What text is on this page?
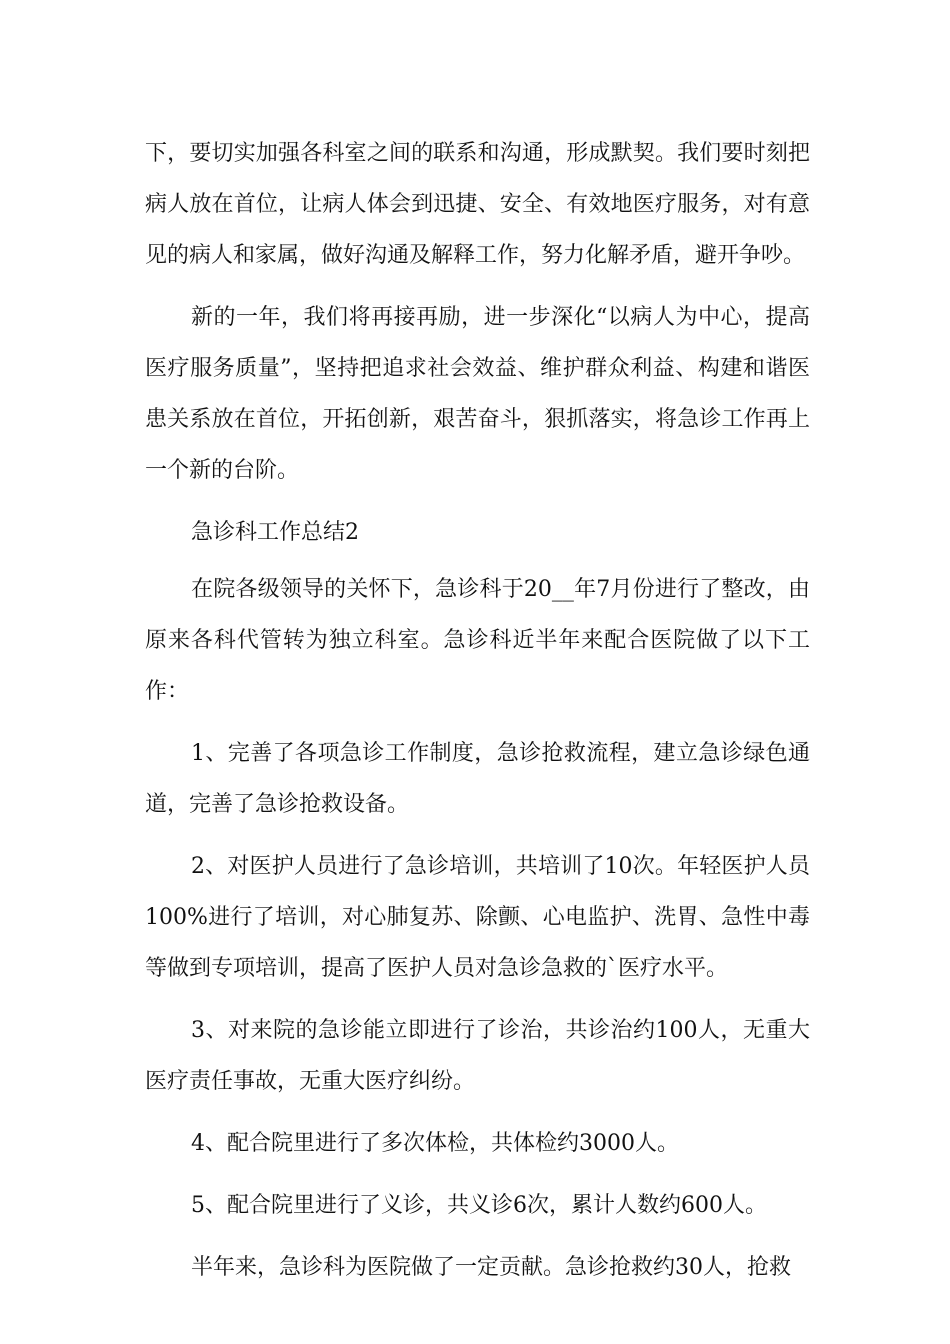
下，要切实加强各科室之间的联系和沟通，形成默契。我们要时刻把病人放在首位，让病人体会到迅捷、安全、有效地医疗服务，对有意见的病人和家属，做好沟通及解释工作，努力化解矛盾，避开争吵。

新的一年，我们将再接再励，进一步深化“以病人为中心，提高医疗服务质量”，坚持把追求社会效益、维护群众利益、构建和谐医患关系放在首位，开拓创新，艰苦奋斗，狠抓落实，将急诊工作再上一个新的台阶。

急诊科工作总结2

在院各级领导的关怀下，急诊科于20__年7月份进行了整改，由原来各科代管转为独立科室。急诊科近半年来配合医院做了以下工作：

1、完善了各项急诊工作制度，急诊抢救流程，建立急诊绿色通道，完善了急诊抢救设备。

2、对医护人员进行了急诊培训，共培训了10次。年轻医护人员100%进行了培训，对心肺复苏、除颤、心电监护、洗胃、急性中毒等做到专项培训，提高了医护人员对急诊急救的`医疗水平。

3、对来院的急诊能立即进行了诊治，共诊治约100人，无重大医疗责任事故，无重大医疗纠纷。

4、配合院里进行了多次体检，共体检约3000人。

5、配合院里进行了义诊，共义诊6次，累计人数约600人。

半年来，急诊科为医院做了一定贡献。急诊抢救约30人，抢救
